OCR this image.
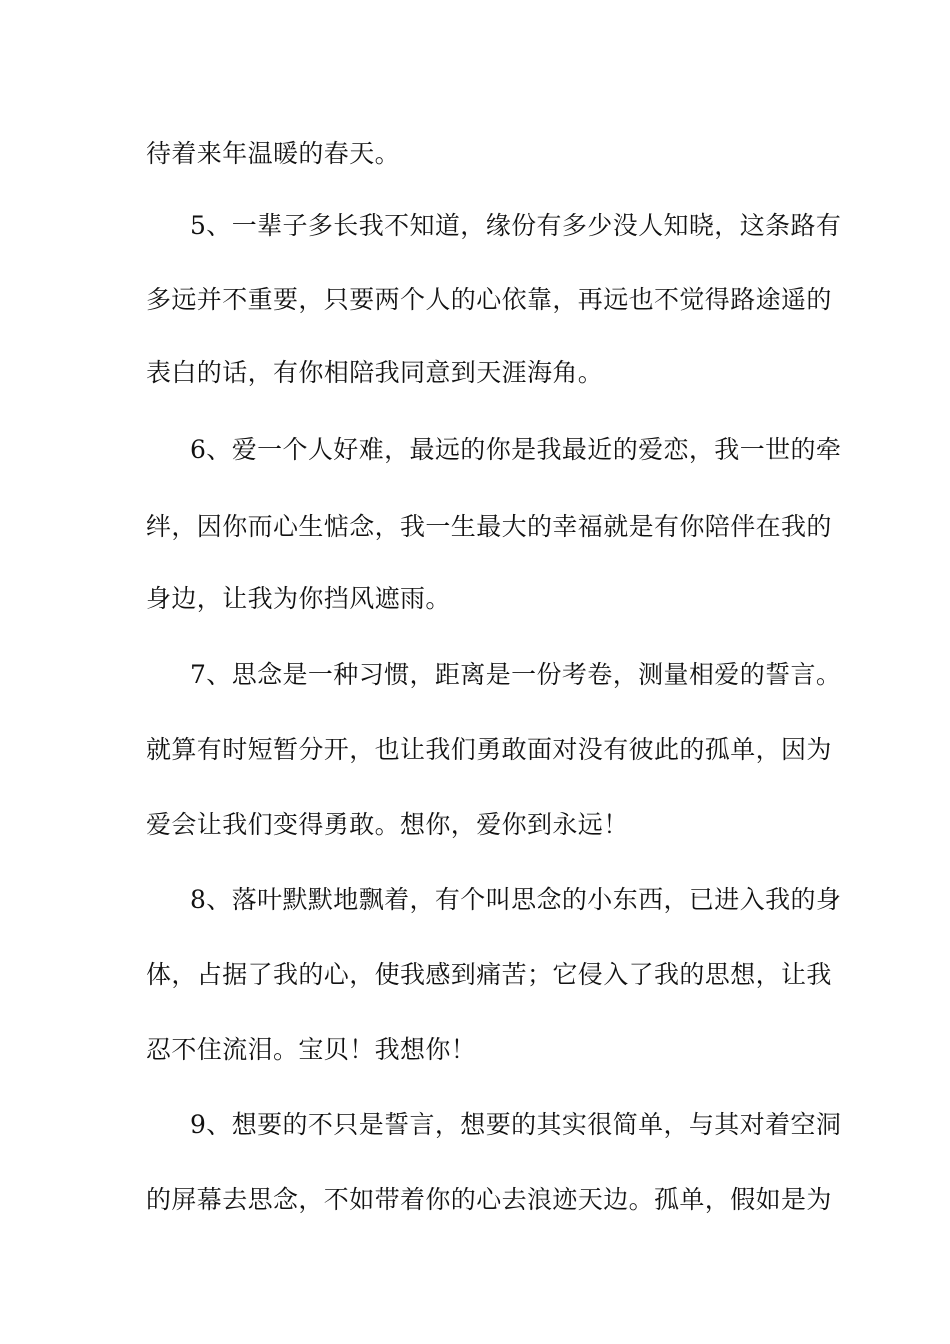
待着来年温暖的春天。
5、一辈子多长我不知道，缘份有多少没人知晓，这条路有
多远并不重要，只要两个人的心依靠，再远也不觉得路途遥的
表白的话，有你相陪我同意到天涯海角。
6、爱一个人好难，最远的你是我最近的爱恋，我一世的牵
绊，因你而心生惦念，我一生最大的幸福就是有你陪伴在我的
身边，让我为你挡风遮雨。
7、思念是一种习惯，距离是一份考卷，测量相爱的誓言。
就算有时短暂分开，也让我们勇敢面对没有彼此的孤单，因为
爱会让我们变得勇敢。想你，爱你到永远！
8、落叶默默地飘着，有个叫思念的小东西，已进入我的身
体，占据了我的心，使我感到痛苦；它侵入了我的思想，让我
忍不住流泪。宝贝！我想你！
9、想要的不只是誓言，想要的其实很简单，与其对着空洞
的屏幕去思念，不如带着你的心去浪迹天边。孤单，假如是为
